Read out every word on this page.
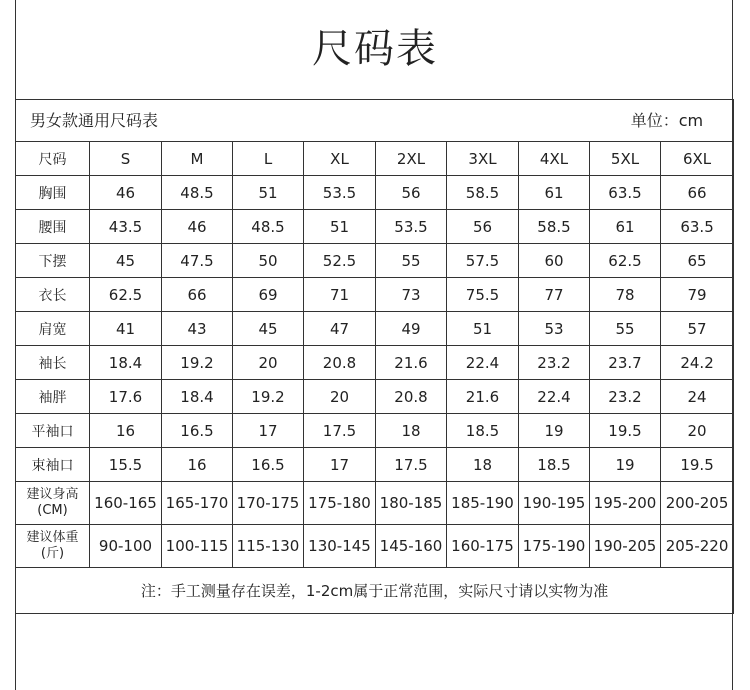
尺码表
男女款通用尺码表 单位：cm									

尺码	S	M	L	XL	2XL	3XL	4XL	5XL	6XL
胸围	46	48.5	51	53.5	56	58.5	61	63.5	66
腰围	43.5	46	48.5	51	53.5	56	58.5	61	63.5
下摆	45	47.5	50	52.5	55	57.5	60	62.5	65
衣长	62.5	66	69	71	73	75.5	77	78	79
肩宽	41	43	45	47	49	51	53	55	57
袖长	18.4	19.2	20	20.8	21.6	22.4	23.2	23.7	24.2
袖胖	17.6	18.4	19.2	20	20.8	21.6	22.4	23.2	24
平袖口	16	16.5	17	17.5	18	18.5	19	19.5	20
束袖口	15.5	16	16.5	17	17.5	18	18.5	19	19.5

建议身高
(CM)	160-165	165-170	170-175	175-180	180-185	185-190	190-195	195-200	200-205

建议体重
(斤)	90-100	100-115	115-130	130-145	145-160	160-175	175-190	190-205	205-220
注：手工测量存在误差，1-2cm属于正常范围，实际尺寸请以实物为准									
